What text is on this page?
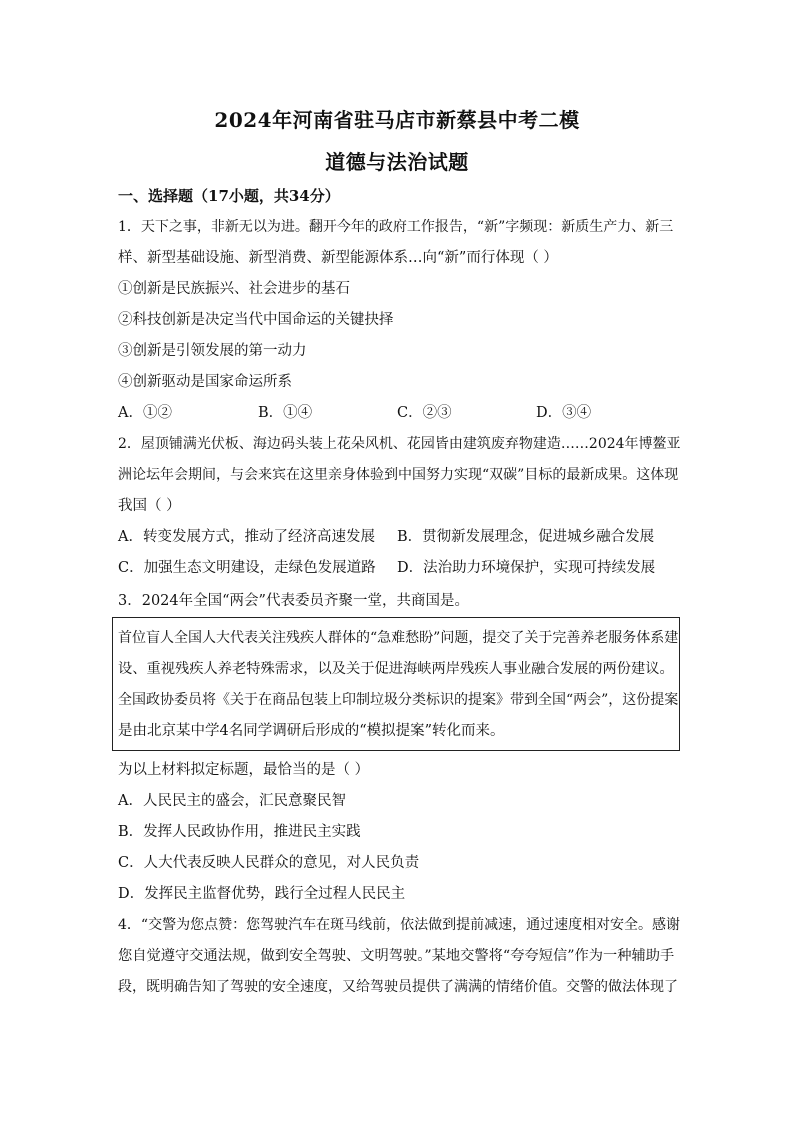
2024年河南省驻马店市新蔡县中考二模
道德与法治试题
一、选择题（17小题，共34分）
1．天下之事，非新无以为进。翻开今年的政府工作报告，“新”字频现：新质生产力、新三
样、新型基础设施、新型消费、新型能源体系…向“新”而行体现（ ）
①创新是民族振兴、社会进步的基石
②科技创新是决定当代中国命运的关键抉择
③创新是引领发展的第一动力
④创新驱动是国家命运所系
A．①②	B．①④	C．②③	D．③④
2．屋顶铺满光伏板、海边码头装上花朵风机、花园皆由建筑废弃物建造……2024年博鳌亚
洲论坛年会期间，与会来宾在这里亲身体验到中国努力实现“双碳”目标的最新成果。这体现
我国（ ）
A．转变发展方式，推动了经济高速发展 B．贯彻新发展理念，促进城乡融合发展
C．加强生态文明建设，走绿色发展道路 D．法治助力环境保护，实现可持续发展
3．2024年全国“两会”代表委员齐聚一堂，共商国是。
首位盲人全国人大代表关注残疾人群体的“急难愁盼”问题，提交了关于完善养老服务体系建
设、重视残疾人养老特殊需求，以及关于促进海峡两岸残疾人事业融合发展的两份建议。
全国政协委员将《关于在商品包装上印制垃圾分类标识的提案》带到全国“两会”，这份提案
是由北京某中学4名同学调研后形成的“模拟提案”转化而来。
为以上材料拟定标题，最恰当的是（ ）
A．人民民主的盛会，汇民意聚民智
B．发挥人民政协作用，推进民主实践
C．人大代表反映人民群众的意见，对人民负责
D．发挥民主监督优势，践行全过程人民民主
4．“交警为您点赞：您驾驶汽车在斑马线前，依法做到提前减速，通过速度相对安全。感谢
您自觉遵守交通法规，做到安全驾驶、文明驾驶。”某地交警将“夸夸短信”作为一种辅助手
段，既明确告知了驾驶的安全速度，又给驾驶员提供了满满的情绪价值。交警的做法体现了
